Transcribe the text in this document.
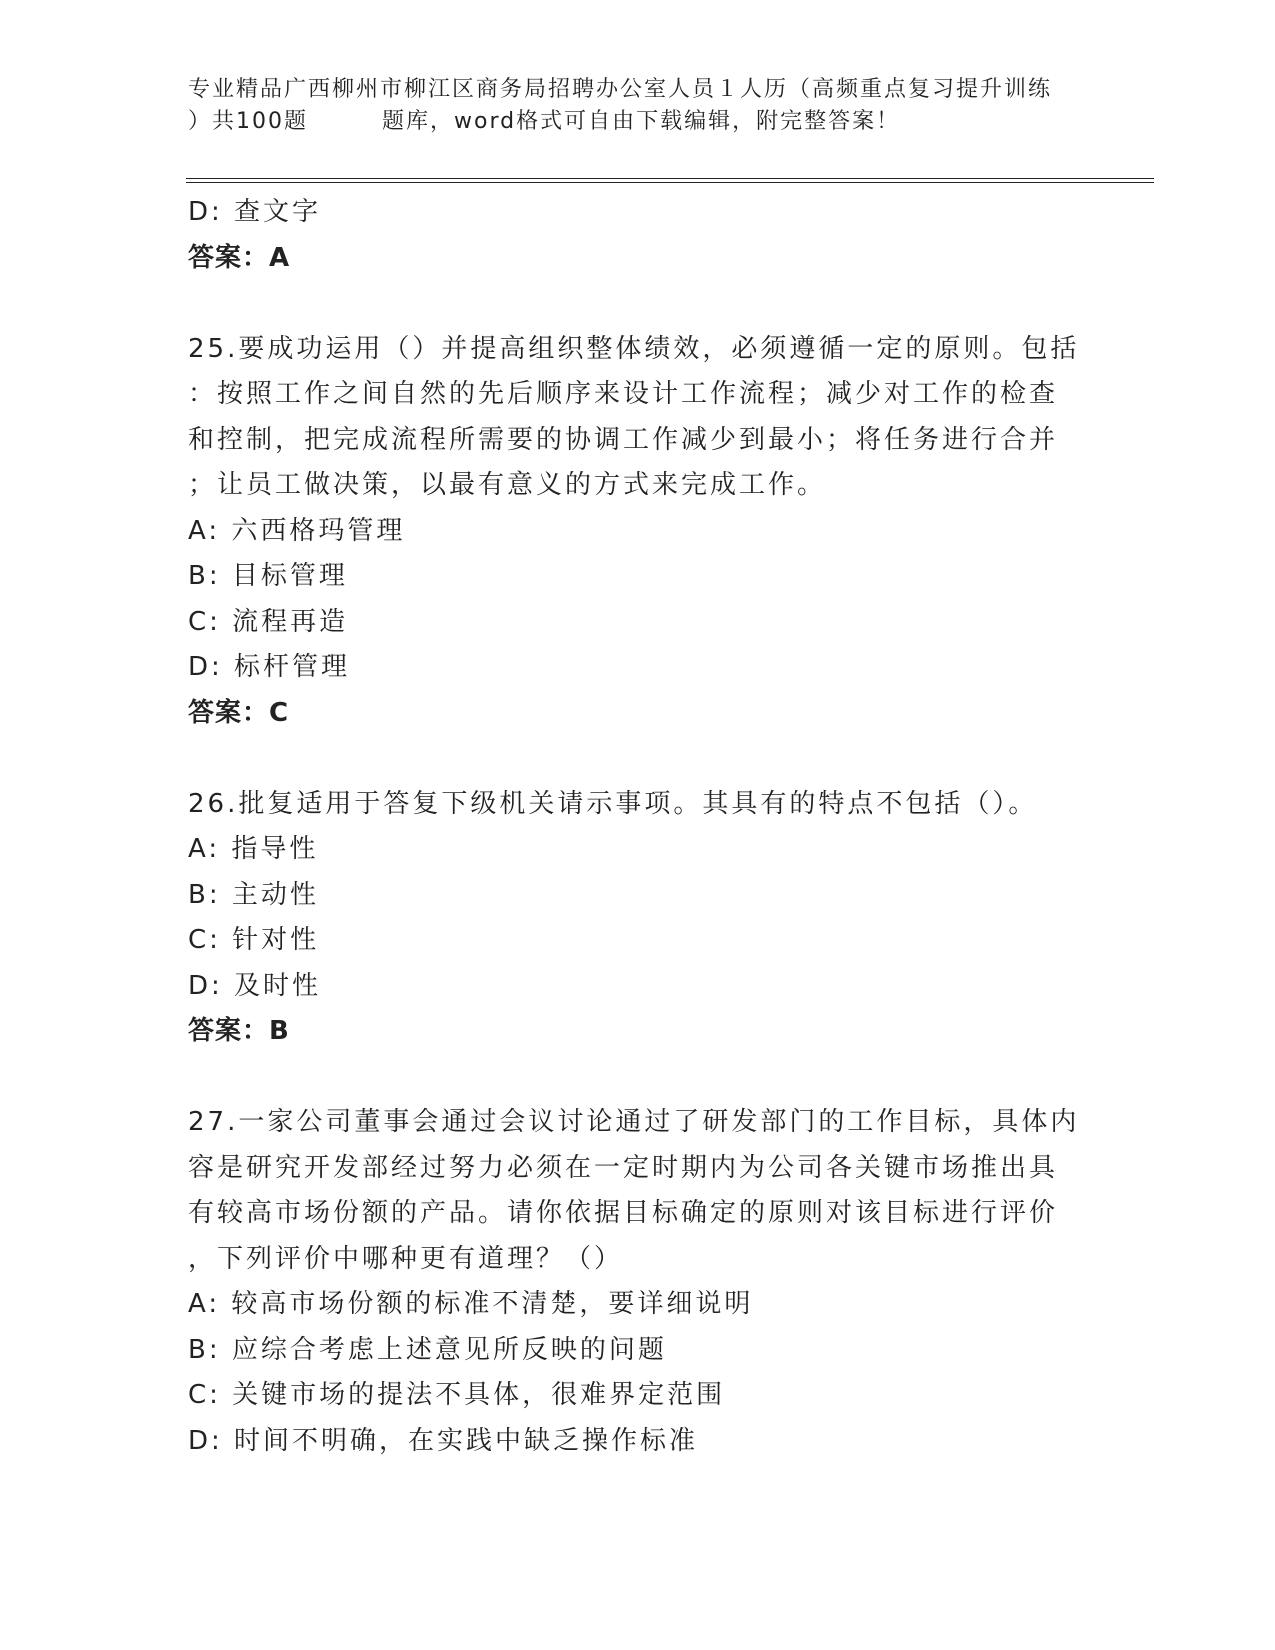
专业精品广西柳州市柳江区商务局招聘办公室人员１人历（高频重点复习提升训练
）共100题	题库，word格式可自由下载编辑，附完整答案！
D: 查文字
答案：A
25.要成功运用（）并提高组织整体绩效，必须遵循一定的原则。包括
：按照工作之间自然的先后顺序来设计工作流程；减少对工作的检查
和控制，把完成流程所需要的协调工作减少到最小；将任务进行合并
；让员工做决策，以最有意义的方式来完成工作。
A: 六西格玛管理
B: 目标管理
C: 流程再造
D: 标杆管理
答案：C
26.批复适用于答复下级机关请示事项。其具有的特点不包括（）。
A: 指导性
B: 主动性
C: 针对性
D: 及时性
答案：B
27.一家公司董事会通过会议讨论通过了研发部门的工作目标，具体内
容是研究开发部经过努力必须在一定时期内为公司各关键市场推出具
有较高市场份额的产品。请你依据目标确定的原则对该目标进行评价
，下列评价中哪种更有道理？（）
A: 较高市场份额的标准不清楚，要详细说明
B: 应综合考虑上述意见所反映的问题
C: 关键市场的提法不具体，很难界定范围
D: 时间不明确，在实践中缺乏操作标准
